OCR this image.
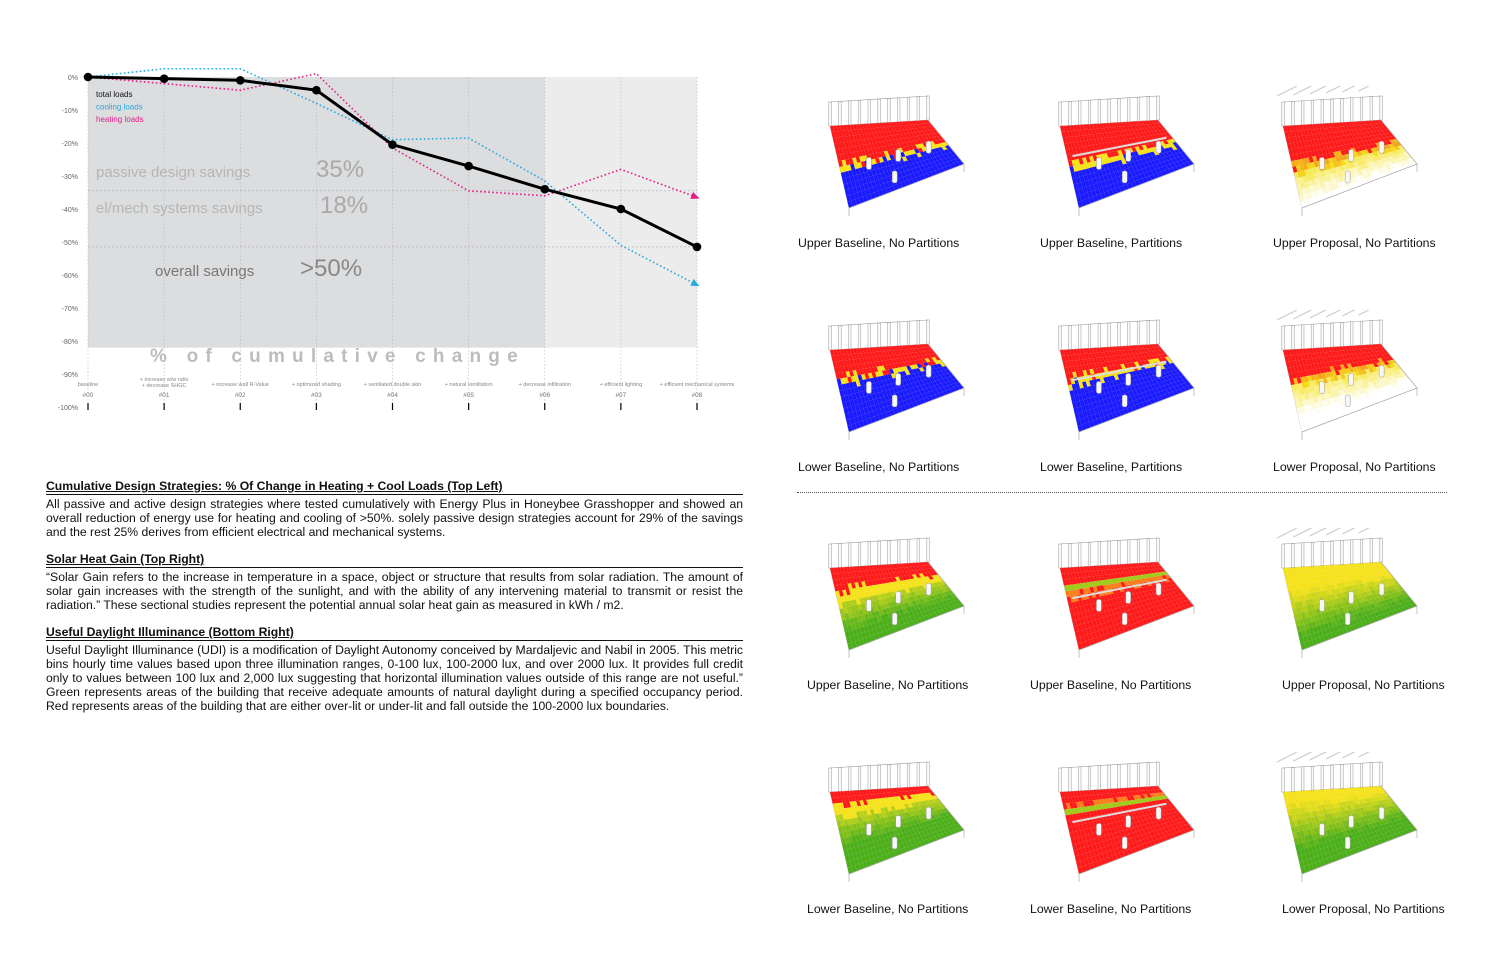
0%
-10%
-20%
-30%
-40%
-50%
-60%
-70%
-80%
-90%
-100%
baseline
#00
+ increase w/w ratio
+ decrease SHGC
#01
+ increase wall R-Value
#02
+ optimized shading
#03
+ ventilated double skin
#04
+ natural ventilation
#05
+ decrease infiltration
#06
+ efficient lighting
#07
+ efficient mechanical systems
#08
% of cumulative change
passive design savings	35%
el/mech systems savings 18%
overall savings >50%
total loads
cooling loads
heating loads
Cumulative Design Strategies: % Of Change in Heating + Cool Loads (Top Left)
All passive and active design strategies where tested cumulatively with Energy Plus in Honeybee Grasshopper and showed an overall reduction of energy use for heating and cooling of >50%. solely passive design strategies account for 29% of the savings and the rest 25% derives from efficient electrical and mechanical systems.
Solar Heat Gain (Top Right)
“Solar Gain refers to the increase in temperature in a space, object or structure that results from solar radiation. The amount of solar gain increases with the strength of the sunlight, and with the ability of any intervening material to transmit or resist the radiation.” These sectional studies represent the potential annual solar heat gain as measured in kWh / m2.
Useful Daylight Illuminance (Bottom Right)
Useful Daylight Illuminance (UDI) is a modification of Daylight Autonomy conceived by Mardaljevic and Nabil in 2005. This metric bins hourly time values based upon three illumination ranges, 0-100 lux, 100-2000 lux, and over 2000 lux. It provides full credit only to values between 100 lux and 2,000 lux suggesting that horizontal illumination values outside of this range are not useful.” Green represents areas of the building that receive adequate amounts of natural daylight during a specified occupancy period. Red represents areas of the building that are either over-lit or under-lit and fall outside the 100-2000 lux boundaries.
Upper Baseline, No Partitions	Upper Baseline, Partitions	Upper Proposal, No Partitions
Lower Baseline, No Partitions	Lower Baseline, Partitions	Lower Proposal, No Partitions
Upper Baseline, No Partitions	Upper Baseline, No Partitions	Upper Proposal, No Partitions
Lower Baseline, No Partitions	Lower Baseline, No Partitions	Lower Proposal, No Partitions
